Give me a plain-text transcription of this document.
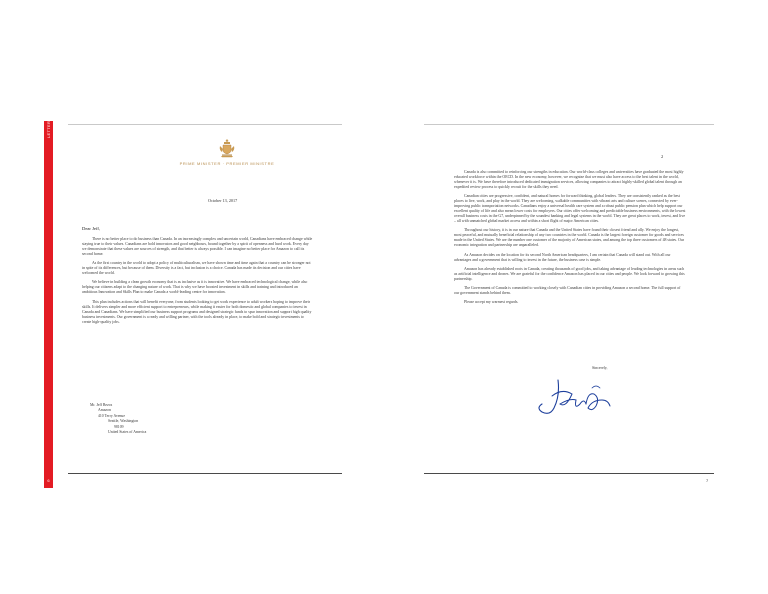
LETTERS
6
PRIME MINISTER · PREMIER MINISTRE
October 13, 2017
Dear Jeff,

There is no better place to do business than Canada. In an increasingly complex and uncertain world, Canadians have embraced change while staying true to their values. Canadians are bold innovators and good neighbours, bound together by a spirit of openness and hard work. Every day we demonstrate that these values are sources of strength, and that better is always possible. I can imagine no better place for Amazon to call its second home.

As the first country in the world to adopt a policy of multiculturalism, we have shown time and time again that a country can be stronger not in spite of its differences, but because of them. Diversity is a fact, but inclusion is a choice. Canada has made its decision and our cities have welcomed the world.

We believe in building a clean growth economy that is as inclusive as it is innovative. We have embraced technological change, while also helping our citizens adapt to the changing nature of work. That is why we have boosted investment in skills and training and introduced an ambitious Innovation and Skills Plan to make Canada a world-leading centre for innovation.

This plan includes actions that will benefit everyone, from students looking to get work experience to adult workers hoping to improve their skills. It delivers simpler and more efficient support to entrepreneurs, while making it easier for both domestic and global companies to invest in Canada and Canadians. We have simplified our business support programs and designed strategic funds to spur innovation and support high quality business investments. Our government is a ready and willing partner, with the tools already in place, to make bold and strategic investments to create high-quality jobs.

Mr. Jeff Bezos
Amazon
410 Terry Avenue
Seattle, Washington
98109
United States of America
2

Canada is also committed to reinforcing our strengths in education. Our world-class colleges and universities have graduated the most highly educated workforce within the OECD. In the new economy, however, we recognize that we must also have access to the best talent in the world, whenever it is. We have therefore introduced dedicated immigration services, allowing companies to attract highly-skilled global talent through an expedited review process to quickly recruit for the skills they need.

Canadian cities are progressive, confident, and natural homes for forward thinking, global leaders. They are consistently ranked as the best places to live, work, and play in the world. They are welcoming, walkable communities with vibrant arts and culture scenes, connected by ever-improving public transportation networks. Canadians enjoy a universal health care system and a robust public pension plan which help support our excellent quality of life and also mean lower costs for employers. Our cities offer welcoming and predictable business environments, with the lowest overall business costs in the G7, underpinned by the soundest banking and legal systems in the world. They are great places to work, invest, and live – all with unmatched global market access and within a short flight of major American cities.

Throughout our history, it is in our nature that Canada and the United States have found their closest friend and ally. We enjoy the longest, most peaceful, and mutually beneficial relationship of any two countries in the world. Canada is the largest foreign customer for goods and services made in the United States. We are the number one customer of the majority of American states, and among the top three customers of 48 states. Our economic integration and partnership are unparalleled.

As Amazon decides on the location for its second North American headquarters, I am certain that Canada will stand out. With all our advantages and a government that is willing to invest in the future, the business case is simple.

Amazon has already established roots in Canada, creating thousands of good jobs, and taking advantage of leading technologies in areas such as artificial intelligence and drones. We are grateful for the confidence Amazon has placed in our cities and people. We look forward to growing this partnership.

The Government of Canada is committed to working closely with Canadian cities in providing Amazon a second home. The full support of our government stands behind them.

Please accept my warmest regards.

Sincerely,
7
